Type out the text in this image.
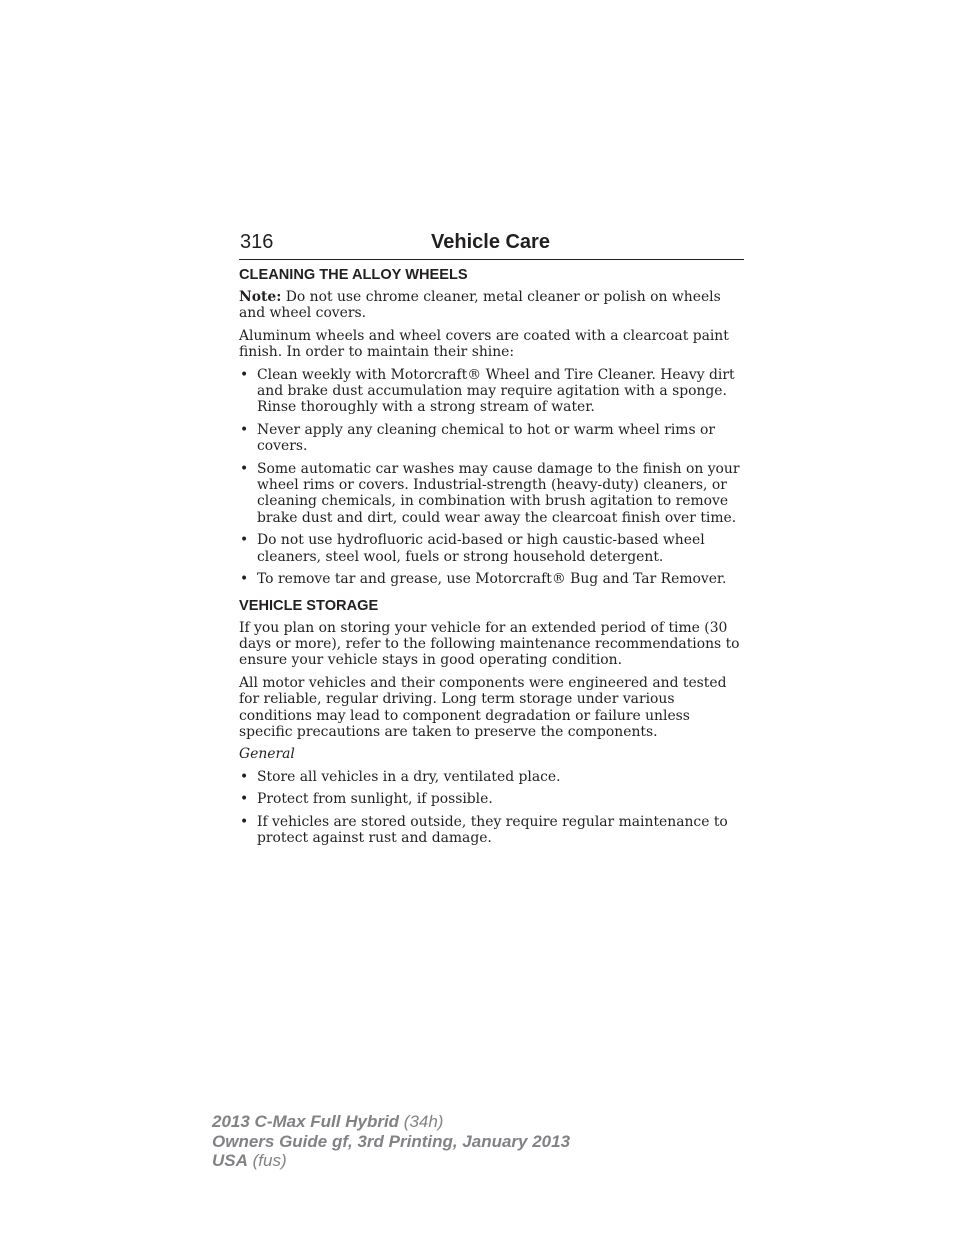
316	Vehicle Care
CLEANING THE ALLOY WHEELS

Note: Do not use chrome cleaner, metal cleaner or polish on wheels and wheel covers.

Aluminum wheels and wheel covers are coated with a clearcoat paint finish. In order to maintain their shine:

• Clean weekly with Motorcraft® Wheel and Tire Cleaner. Heavy dirt and brake dust accumulation may require agitation with a sponge. Rinse thoroughly with a strong stream of water.
• Never apply any cleaning chemical to hot or warm wheel rims or covers.
• Some automatic car washes may cause damage to the finish on your wheel rims or covers. Industrial-strength (heavy-duty) cleaners, or cleaning chemicals, in combination with brush agitation to remove brake dust and dirt, could wear away the clearcoat finish over time.
• Do not use hydrofluoric acid-based or high caustic-based wheel cleaners, steel wool, fuels or strong household detergent.
• To remove tar and grease, use Motorcraft® Bug and Tar Remover.
VEHICLE STORAGE

If you plan on storing your vehicle for an extended period of time (30 days or more), refer to the following maintenance recommendations to ensure your vehicle stays in good operating condition.

All motor vehicles and their components were engineered and tested for reliable, regular driving. Long term storage under various conditions may lead to component degradation or failure unless specific precautions are taken to preserve the components.

General
• Store all vehicles in a dry, ventilated place.
• Protect from sunlight, if possible.
• If vehicles are stored outside, they require regular maintenance to protect against rust and damage.
2013 C-Max Full Hybrid (34h)
Owners Guide gf, 3rd Printing, January 2013
USA (fus)
